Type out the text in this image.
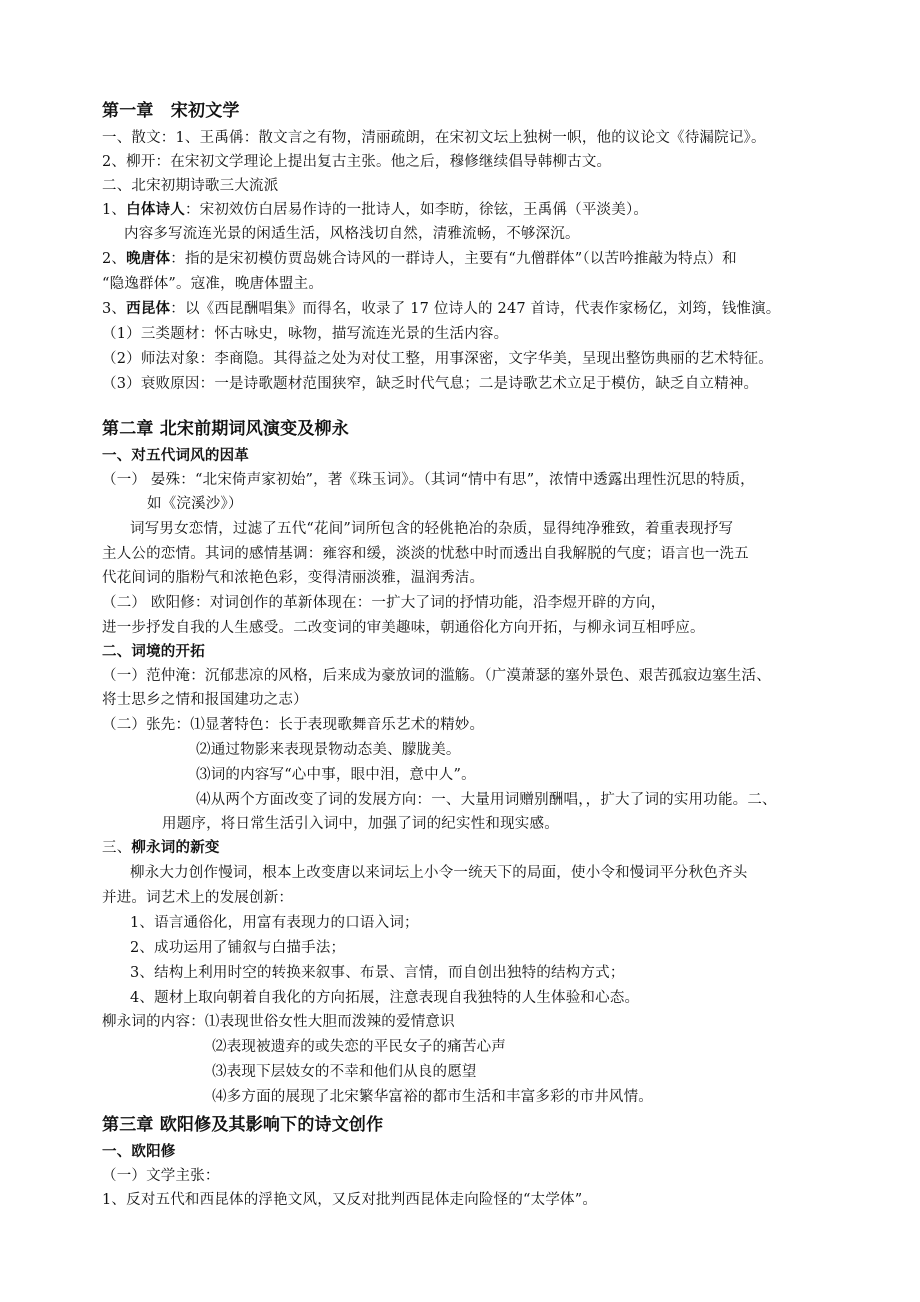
第一章　宋初文学
一、散文：1、王禹偁：散文言之有物，清丽疏朗，在宋初文坛上独树一帜，他的议论文《待漏院记》。
2、柳开：在宋初文学理论上提出复古主张。他之后，穆修继续倡导韩柳古文。
二、北宋初期诗歌三大流派
1、白体诗人：宋初效仿白居易作诗的一批诗人，如李昉，徐铉，王禹偁（平淡美）。
内容多写流连光景的闲适生活，风格浅切自然，清雅流畅，不够深沉。
2、晚唐体：指的是宋初模仿贾岛姚合诗风的一群诗人，主要有“九僧群体”（以苦吟推敲为特点）和
“隐逸群体”。寇准，晚唐体盟主。
3、西昆体：以《西昆酬唱集》而得名，收录了 17 位诗人的 247 首诗，代表作家杨亿，刘筠，钱惟演。
（1）三类题材：怀古咏史，咏物，描写流连光景的生活内容。
（2）师法对象：李商隐。其得益之处为对仗工整，用事深密，文字华美，呈现出整饬典丽的艺术特征。
（3）衰败原因：一是诗歌题材范围狭窄，缺乏时代气息；二是诗歌艺术立足于模仿，缺乏自立精神。
第二章 北宋前期词风演变及柳永
一、对五代词风的因革
（一） 晏殊：“北宋倚声家初始”，著《珠玉词》。（其词“情中有思”，浓情中透露出理性沉思的特质，
如《浣溪沙》）
词写男女恋情，过滤了五代“花间”词所包含的轻佻艳冶的杂质，显得纯净雅致，着重表现抒写
主人公的恋情。其词的感情基调：雍容和缓，淡淡的忧愁中时而透出自我解脱的气度；语言也一洗五
代花间词的脂粉气和浓艳色彩，变得清丽淡雅，温润秀洁。
（二） 欧阳修：对词创作的革新体现在：一扩大了词的抒情功能，沿李煜开辟的方向，
进一步抒发自我的人生感受。二改变词的审美趣味，朝通俗化方向开拓，与柳永词互相呼应。
二、词境的开拓
（一）范仲淹：沉郁悲凉的风格，后来成为豪放词的滥觞。（广漠萧瑟的塞外景色、艰苦孤寂边塞生活、
将士思乡之情和报国建功之志）
（二）张先：⑴显著特色：长于表现歌舞音乐艺术的精妙。
⑵通过物影来表现景物动态美、朦胧美。
⑶词的内容写“心中事，眼中泪，意中人”。
⑷从两个方面改变了词的发展方向：一、大量用词赠别酬唱，，扩大了词的实用功能。二、
用题序，将日常生活引入词中，加强了词的纪实性和现实感。
三、柳永词的新变
柳永大力创作慢词，根本上改变唐以来词坛上小令一统天下的局面，使小令和慢词平分秋色齐头
并进。词艺术上的发展创新：
1、语言通俗化，用富有表现力的口语入词；
2、成功运用了铺叙与白描手法；
3、结构上利用时空的转换来叙事、布景、言情，而自创出独特的结构方式；
4、题材上取向朝着自我化的方向拓展，注意表现自我独特的人生体验和心态。
柳永词的内容：⑴表现世俗女性大胆而泼辣的爱情意识
⑵表现被遗弃的或失恋的平民女子的痛苦心声
⑶表现下层妓女的不幸和他们从良的愿望
⑷多方面的展现了北宋繁华富裕的都市生活和丰富多彩的市井风情。
第三章 欧阳修及其影响下的诗文创作
一、欧阳修
（一）文学主张：
1、反对五代和西昆体的浮艳文风，又反对批判西昆体走向险怪的“太学体”。
